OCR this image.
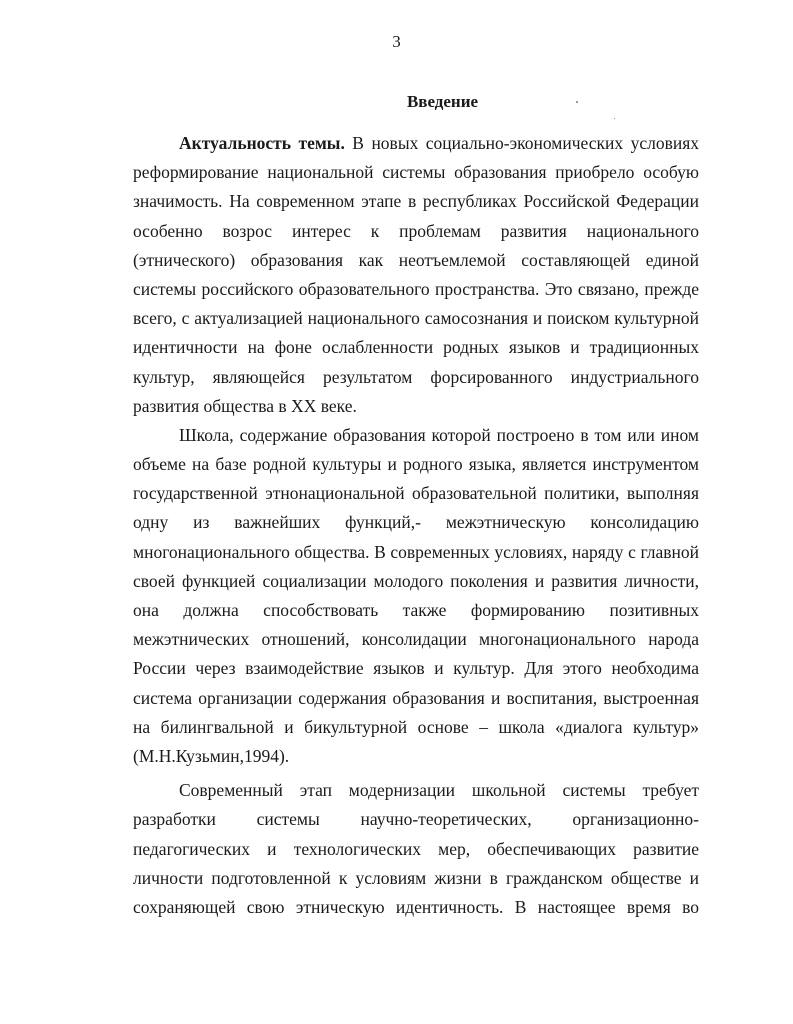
3
Введение
Актуальность темы. В новых социально-экономических условиях
реформирование национальной системы образования приобрело особую
значимость. На современном этапе в республиках Российской Федерации
особенно возрос интерес к проблемам развития национального
(этнического) образования как неотъемлемой составляющей единой
системы российского образовательного пространства. Это связано, прежде
всего, с актуализацией национального самосознания и поиском культурной
идентичности на фоне ослабленности родных языков и традиционных
культур, являющейся результатом форсированного индустриального
развития общества в XX веке.
Школа, содержание образования которой построено в том или ином
объеме на базе родной культуры и родного языка, является инструментом
государственной этнонациональной образовательной политики, выполняя
одну из важнейших функций,- межэтническую консолидацию
многонационального общества. В современных условиях, наряду с главной
своей функцией социализации молодого поколения и развития личности,
она должна способствовать также формированию позитивных
межэтнических отношений, консолидации многонационального народа
России через взаимодействие языков и культур. Для этого необходима
система организации содержания образования и воспитания, выстроенная
на билингвальной и бикультурной основе – школа «диалога культур»
(М.Н.Кузьмин,1994).
Современный этап модернизации школьной системы требует
разработки системы научно-теоретических, организационно-
педагогических и технологических мер, обеспечивающих развитие
личности подготовленной к условиям жизни в гражданском обществе и
сохраняющей свою этническую идентичность. В настоящее время во
